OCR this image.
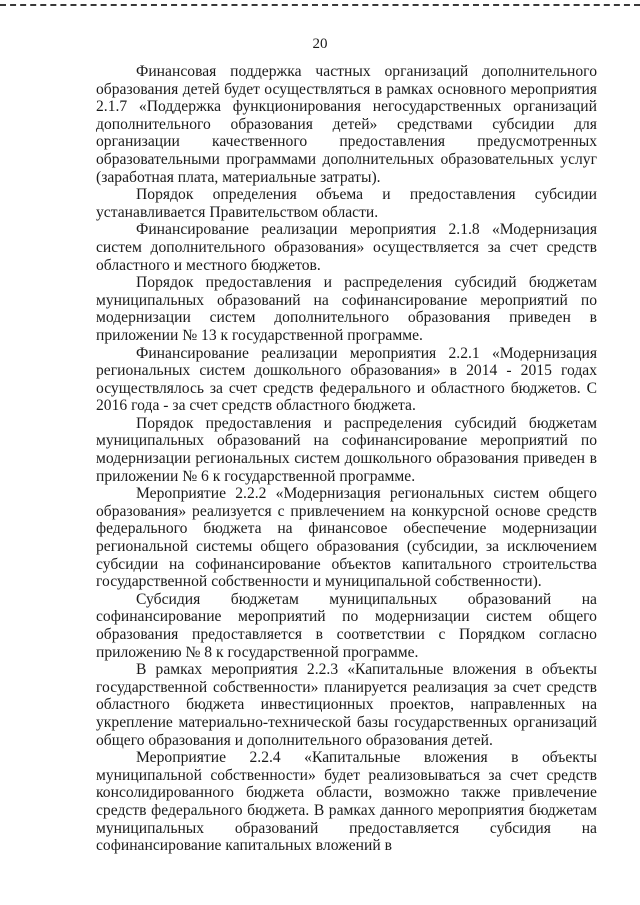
20

Финансовая поддержка частных организаций дополнительного образования детей будет осуществляться в рамках основного мероприятия 2.1.7 «Поддержка функционирования негосударственных организаций дополнительного образования детей» средствами субсидии для организации качественного предоставления предусмотренных образовательными программами дополнительных образовательных услуг (заработная плата, материальные затраты).

Порядок определения объема и предоставления субсидии устанавливается Правительством области.

Финансирование реализации мероприятия 2.1.8 «Модернизация систем дополнительного образования» осуществляется за счет средств областного и местного бюджетов.

Порядок предоставления и распределения субсидий бюджетам муниципальных образований на софинансирование мероприятий по модернизации систем дополнительного образования приведен в приложении № 13 к государственной программе.

Финансирование реализации мероприятия 2.2.1 «Модернизация региональных систем дошкольного образования» в 2014 - 2015 годах осуществлялось за счет средств федерального и областного бюджетов. С 2016 года - за счет средств областного бюджета.

Порядок предоставления и распределения субсидий бюджетам муниципальных образований на софинансирование мероприятий по модернизации региональных систем дошкольного образования приведен в приложении № 6 к государственной программе.

Мероприятие 2.2.2 «Модернизация региональных систем общего образования» реализуется с привлечением на конкурсной основе средств федерального бюджета на финансовое обеспечение модернизации региональной системы общего образования (субсидии, за исключением субсидии на софинансирование объектов капитального строительства государственной собственности и муниципальной собственности).

Субсидия бюджетам муниципальных образований на софинансирование мероприятий по модернизации систем общего образования предоставляется в соответствии с Порядком согласно приложению № 8 к государственной программе.

В рамках мероприятия 2.2.3 «Капитальные вложения в объекты государственной собственности» планируется реализация за счет средств областного бюджета инвестиционных проектов, направленных на укрепление материально-технической базы государственных организаций общего образования и дополнительного образования детей.

Мероприятие 2.2.4 «Капитальные вложения в объекты муниципальной собственности» будет реализовываться за счет средств консолидированного бюджета области, возможно также привлечение средств федерального бюджета. В рамках данного мероприятия бюджетам муниципальных образований предоставляется субсидия на софинансирование капитальных вложений в
